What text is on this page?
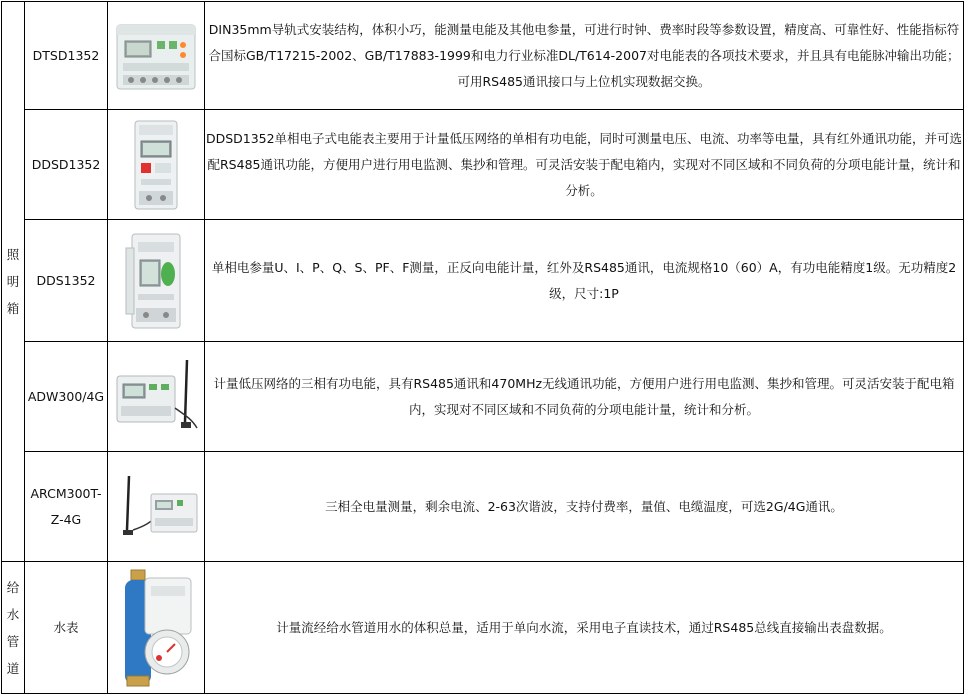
照
明
箱	DTSD1352		DIN35mm导轨式安装结构，体积小巧，能测量电能及其他电参量，可进行时钟、费率时段等参数设置，精度高、可靠性好、性能指标符合国标GB/T17215-2002、GB/T17883-1999和电力行业标准DL/T614-2007对电能表的各项技术要求，并且具有电能脉冲输出功能；可用RS485通讯接口与上位机实现数据交换。
	DDSD1352		DDSD1352单相电子式电能表主要用于计量低压网络的单相有功电能，同时可测量电压、电流、功率等电量，具有红外通讯功能，并可选配RS485通讯功能，方便用户进行用电监测、集抄和管理。可灵活安装于配电箱内，实现对不同区域和不同负荷的分项电能计量，统计和分析。
	DDS1352		单相电参量U、I、P、Q、S、PF、F测量，正反向电能计量，红外及RS485通讯，电流规格10（60）A，有功电能精度1级。无功精度2级，尺寸:1P
	ADW300/4G		计量低压网络的三相有功电能，具有RS485通讯和470MHz无线通讯功能，方便用户进行用电监测、集抄和管理。可灵活安装于配电箱内，实现对不同区域和不同负荷的分项电能计量，统计和分析。

	ARCM300T-
Z-4G		三相全电量测量，剩余电流、2-63次谐波，支持付费率，量值、电缆温度，可选2G/4G通讯。

给
水
管
道	水表		计量流经给水管道用水的体积总量，适用于单向水流，采用电子直读技术，通过RS485总线直接输出表盘数据。
